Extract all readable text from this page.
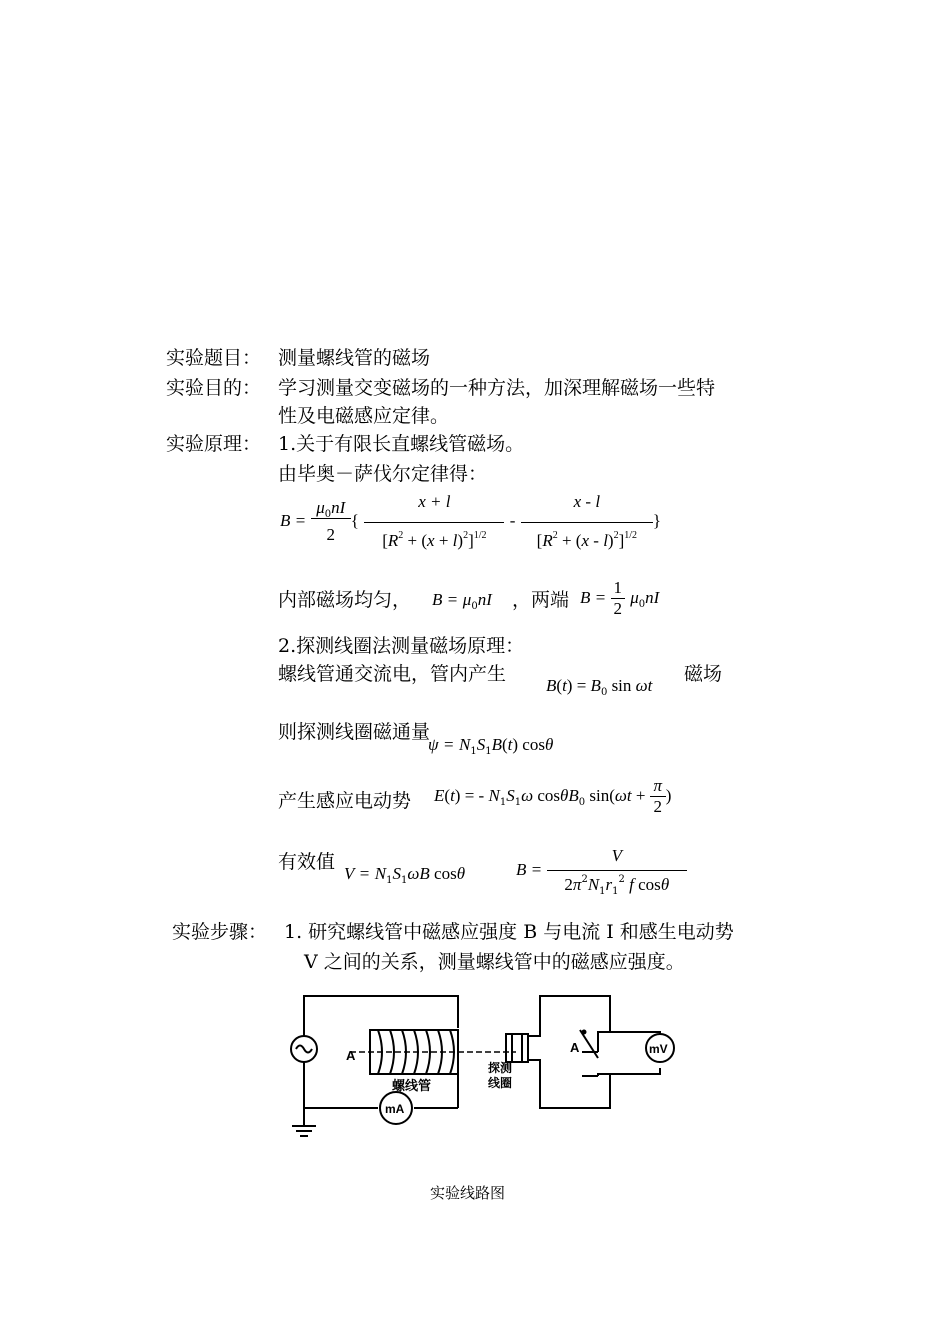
实验题目： 测量螺线管的磁场
实验目的： 学习测量交变磁场的一种方法，加深理解磁场一些特
性及电磁感应定律。
实验原理： 1.关于有限长直螺线管磁场。
由毕奥－萨伐尔定律得：
$B = \frac{\mu_0nI}{2}$ { $\frac{x + l}{[R^2 + (x + l)^2]^{1/2}} - \frac{x - l}{[R^2 + (x - l)^2]^{1/2}}$ }
内部磁场均匀， $B = \mu_0nI$ ，两端 $B = \frac{1}{2} \mu_0nI$
2.探测线圈法测量磁场原理：
螺线管通交流电，管内产生
$B(t) = B_0$ sin ωt
磁场
则探测线圈磁通量
$\psi = N_1S_1B(t)$ cosθ
产生感应电动势 E(t) = - $N_1S_1\omega$ cosθB$_0$ $\sin(\omega t + \frac{\pi}{2}$ )
有效值
$V = N_1S_1\omega B$ cosθ	$B = \frac{V}{2\pi^2N_1r_1^2 f \cos\theta}$
实验步骤： 1. 研究螺线管中磁感应强度 B 与电流 I 和感生电动势
V 之间的关系，测量螺线管中的磁感应强度。
A
A
螺线管
探测
线圈
mA
mV
实验线路图
